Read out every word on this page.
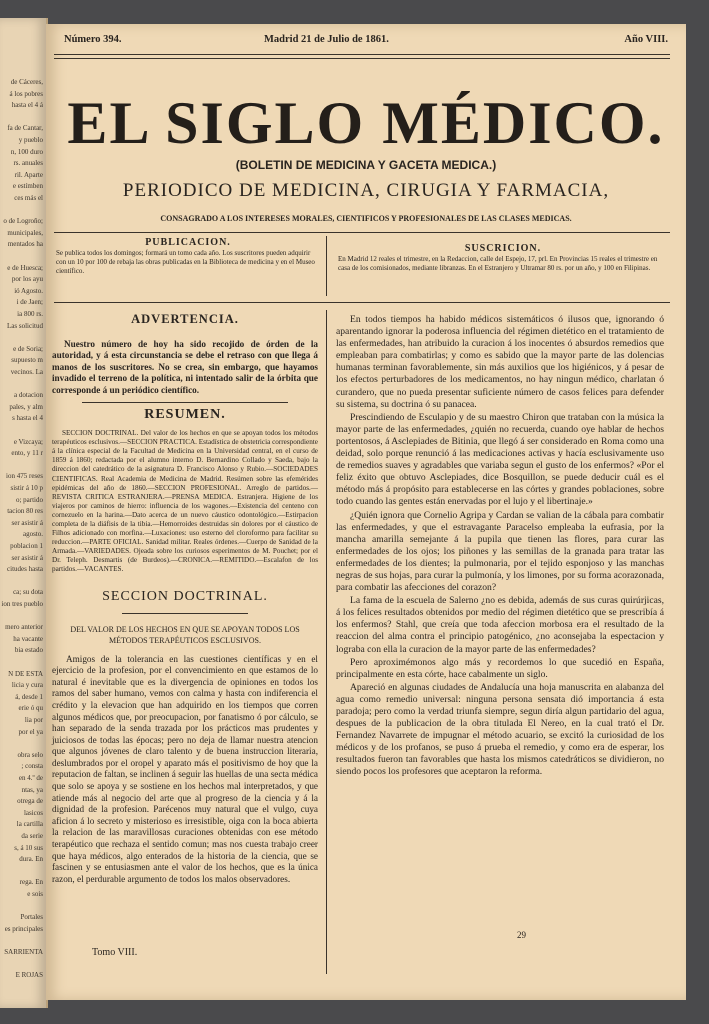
de Cáceres,
á los pobres
hasta el 4 á
fa de Cantar,
y pueblo
n, 100 duro
rs. anuales
ril. Aparte
e estímben
ces más el
o de Logroño;
municipales,
mentados ha
e de Huesca;
por los ayu
ió Agosto.
i de Jaen;
ia 800 rs.
Las solicitud
e de Soria;
supuesto m
vecinos. La
a dotacion
pales, y alm
s hasta el 4
e Vizcaya;
ento, y 11 r
ion 475 reses
sistir á 10 p
o; partido
tacion 80 res
ser asistir á
agosto.
poblacion 1
ser asistir á
citudes hasta
ca; su dota
ion tres pueblo
mero anterior
ha vacante
bia estado
N DE ESTA
licia y cura
á, desde 1
erie ó qu
lia por
por el ya
obra selo
; consta
en 4.º de
ntas, ya
otrega de
lasicos
la cartilla
da serie
s, á 10 sus
dura. En
rega. En
e sois
Portales
es principales
SARRIENTA
E ROJAS
Número 394.	Madrid 21 de Julio de 1861.	Año VIII.
EL SIGLO MÉDICO.
(BOLETIN DE MEDICINA Y GACETA MEDICA.)
PERIODICO DE MEDICINA, CIRUGIA Y FARMACIA,
CONSAGRADO A LOS INTERESES MORALES, CIENTIFICOS Y PROFESIONALES DE LAS CLASES MEDICAS.
PUBLICACION.
Se publica todos los domingos; formará un tomo cada año. Los suscritores pueden adquirir con un 10 por 100 de rebaja las obras publicadas en la Biblioteca de medicina y en el Museo científico.
SUSCRICION.
En Madrid 12 reales el trimestre, en la Redaccion, calle del Espejo, 17, prl. En Provincias 15 reales el trimestre en casa de los comisionados, mediante libranzas. En el Estranjero y Ultramar 80 rs. por un año, y 100 en Filipinas.
ADVERTENCIA.

Nuestro número de hoy ha sido recojido de órden de la autoridad, y á esta circunstancia se debe el retraso con que llega á manos de los suscritores. No se crea, sin embargo, que hayamos invadido el terreno de la política, ni intentado salir de la órbita que corresponde á un periódico científico.

RESUMEN.

SECCION DOCTRINAL. Del valor de los hechos en que se apoyan todos los métodos terapéuticos esclusivos.—SECCION PRACTICA. Estadística de obstetricia correspondiente á la clínica especial de la Facultad de Medicina en la Universidad central, en el curso de 1859 á 1860; redactada por el alumno interno D. Bernardino Collado y Saeda, bajo la direccion del catedrático de la asignatura D. Francisco Alonso y Rubio.—SOCIEDADES CIENTIFICAS. Real Academia de Medicina de Madrid. Resúmen sobre las efemérides epidémicas del año de 1860.—SECCION PROFESIONAL. Arreglo de partidos.—REVISTA CRITICA ESTRANJERA.—PRENSA MEDICA. Estranjera. Higiene de los viajeros por caminos de hierro: influencia de los wagones.—Existencia del centeno con cornezuelo en la harina.—Dato acerca de un nuevo cáustico odontológico.—Estirpacion completa de la diáfisis de la tibia.—Hemorroides destruidas sin dolores por el cáustico de Filhos adicionado con morfina.—Luxaciones: uso esterno del cloroformo para facilitar su reduccion.—PARTE OFICIAL. Sanidad militar. Reales órdenes.—Cuerpo de Sanidad de la Armada.—VARIEDADES. Ojeada sobre los curiosos esperimentos de M. Pouchet; por el Dr. Teleph. Desmartis (de Burdeos).—CRONICA.—REMITIDO.—Escalafon de los partidos.—VACANTES.

SECCION DOCTRINAL.
DEL VALOR DE LOS HECHOS EN QUE SE APOYAN TODOS LOS MÉTODOS TERAPÉUTICOS ESCLUSIVOS.

Amigos de la tolerancia en las cuestiones científicas y en el ejercicio de la profesion, por el convencimiento en que estamos de lo natural é inevitable que es la divergencia de opiniones en todos los ramos del saber humano, vemos con calma y hasta con indiferencia el crédito y la elevacion que han adquirido en los tiempos que corren algunos médicos que, por preocupacion, por fanatismo ó por cálculo, se han separado de la senda trazada por los prácticos mas prudentes y juiciosos de todas las épocas; pero no deja de llamar nuestra atencion que algunos jóvenes de claro talento y de buena instruccion literaria, deslumbrados por el oropel y aparato más el positivismo de hoy que la reputacion de faltan, se inclinen á seguir las huellas de una secta médica que solo se apoya y se sostiene en los hechos mal interpretados, y que atiende más al negocio del arte que al progreso de la ciencia y á la dignidad de la profesion. Parécenos muy natural que el vulgo, cuya aficion á lo secreto y misterioso es irresistible, oiga con la boca abierta la relacion de las maravillosas curaciones obtenidas con ese método terapéutico que rechaza el sentido comun; mas nos cuesta trabajo creer que haya médicos, algo enterados de la historia de la ciencia, que se fascinen y se entusiasmen ante el valor de los hechos, que es la única razon, el perdurable argumento de todos los malos observadores.

En todos tiempos ha habido médicos sistemáticos ó ilusos que, ignorando ó aparentando ignorar la poderosa influencia del régimen dietético en el tratamiento de las enfermedades, han atribuido la curacion á los inocentes ó absurdos remedios que empleaban para combatirlas; y como es sabido que la mayor parte de las dolencias humanas terminan favorablemente, sin más auxilios que los higiénicos, y á pesar de los efectos perturbadores de los medicamentos, no hay ningun médico, charlatan ó curandero, que no pueda presentar suficiente número de casos felices para defender su sistema, su doctrina ó su panacea.

Prescindiendo de Esculapio y de su maestro Chiron que trataban con la música la mayor parte de las enfermedades, ¿quién no recuerda, cuando oye hablar de hechos portentosos, á Asclepiades de Bitinia, que llegó á ser considerado en Roma como una deidad, solo porque renunció á las medicaciones activas y hacía esclusivamente uso de remedios suaves y agradables que variaba segun el gusto de los enfermos? «Por el feliz éxito que obtuvo Asclepiades, dice Bosquillon, se puede deducir cuál es el método más á propósito para establecerse en las córtes y grandes poblaciones, sobre todo cuando las gentes están enervadas por el lujo y el libertinaje.»

¿Quién ignora que Cornelio Agripa y Cardan se valian de la cábala para combatir las enfermedades, y que el estravagante Paracelso empleaba la eufrasia, por la mancha amarilla semejante á la pupila que tienen las flores, para curar las enfermedades de los ojos; los piñones y las semillas de la granada para tratar las enfermedades de los dientes; la pulmonaria, por el tejido esponjoso y las manchas negras de sus hojas, para curar la pulmonía, y los limones, por su forma acorazonada, para combatir las afecciones del corazon?

La fama de la escuela de Salerno ¿no es debida, además de sus curas quirúrjicas, á los felices resultados obtenidos por medio del régimen dietético que se prescribía á los enfermos? Stahl, que creía que toda afeccion morbosa era el resultado de la reaccion del alma contra el principio patogénico, ¿no aconsejaba la espectacion y lograba con ella la curacion de la mayor parte de las enfermedades?

Pero aproximémonos algo más y recordemos lo que sucedió en España, principalmente en esta córte, hace cabalmente un siglo.

Apareció en algunas ciudades de Andalucía una hoja manuscrita en alabanza del agua como remedio universal: ninguna persona sensata dió importancia á esta paradoja; pero como la verdad triunfa siempre, segun diría algun partidario del agua, despues de la publicacion de la obra titulada El Nereo, en la cual trató el Dr. Fernandez Navarrete de impugnar el método acuario, se excitó la curiosidad de los médicos y de los profanos, se puso á prueba el remedio, y como era de esperar, los resultados fueron tan favorables que hasta los mismos catedráticos se dividieron, no siendo pocos los profesores que aceptaron la reforma.

Tomo VIII.
29
